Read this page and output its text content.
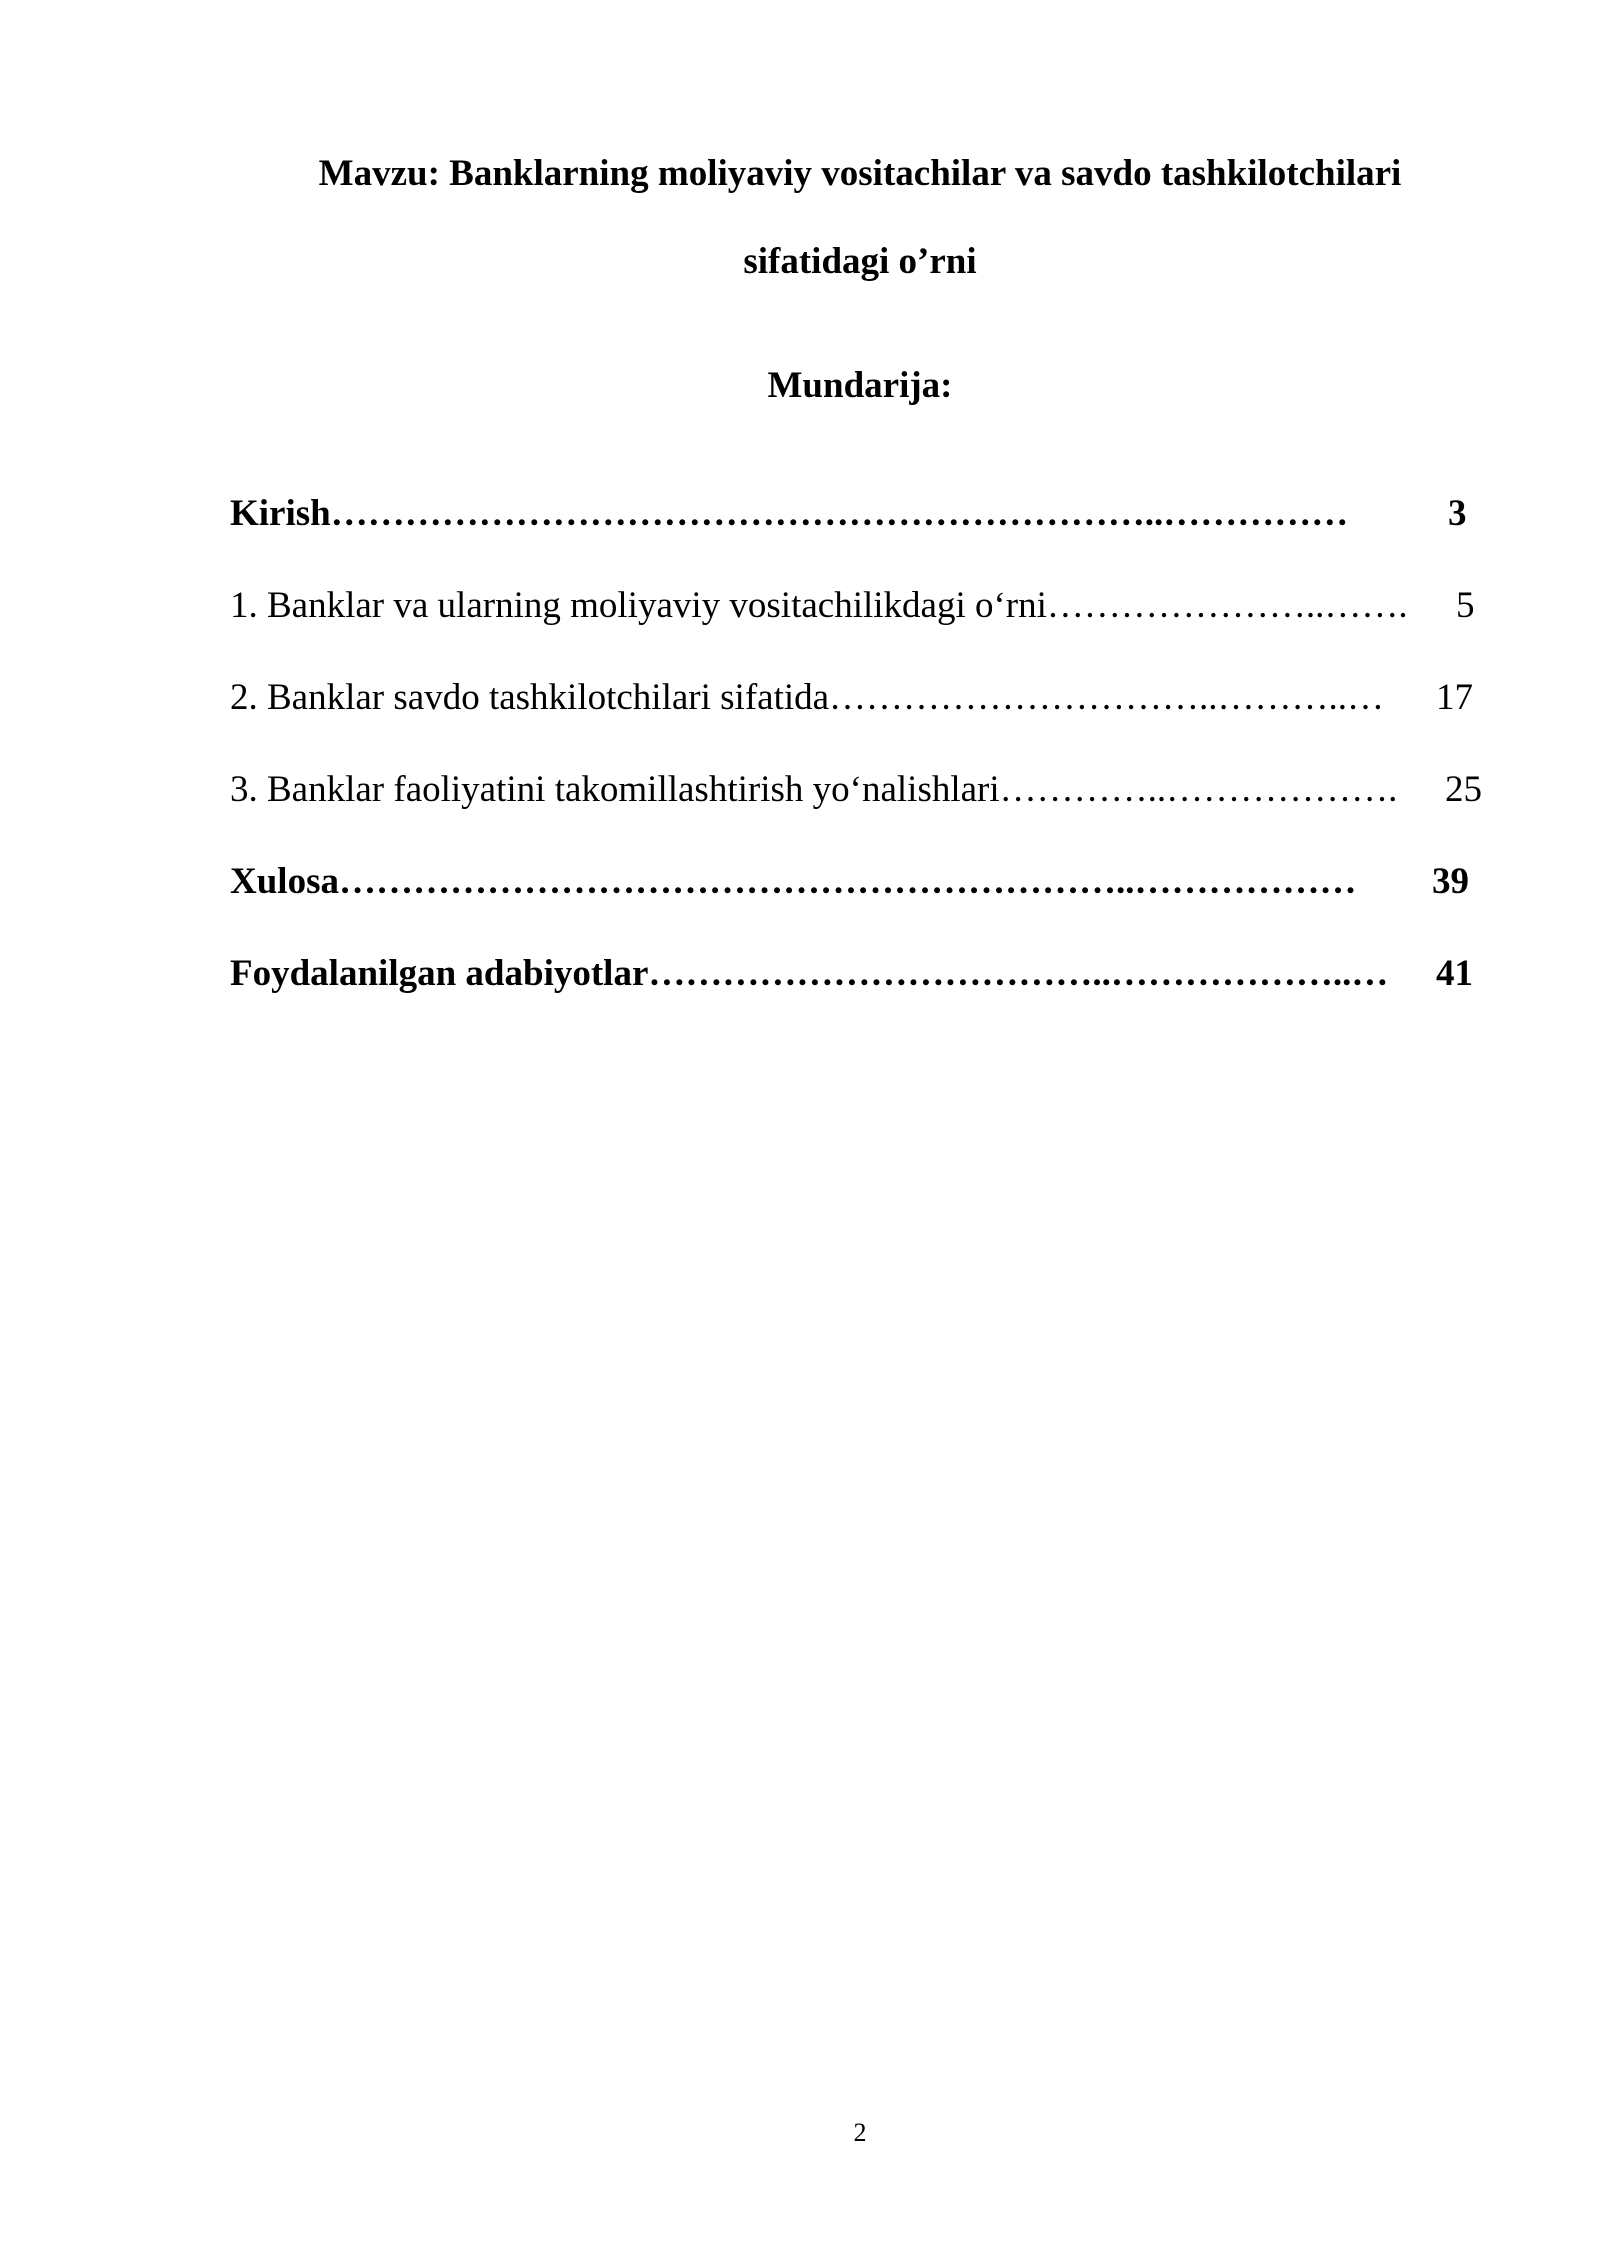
Mavzu: Banklarning moliyaviy vositachilar va savdo tashkilotchilari
sifatidagi o’rni
Mundarija:
Kirish…………………………………………………………..……………	3
1. Banklar va ularning moliyaviy vositachilikdagi o‘rni…………………..……. 5
2. Banklar savdo tashkilotchilari sifatida…………………………..………..… 17
3. Banklar faoliyatini takomillashtirish yo‘nalishlari…………..………………. 25
Xulosa………………………………………………………..……………… 39
Foydalanilgan adabiyotlar………………………………..………………..… 41
2
